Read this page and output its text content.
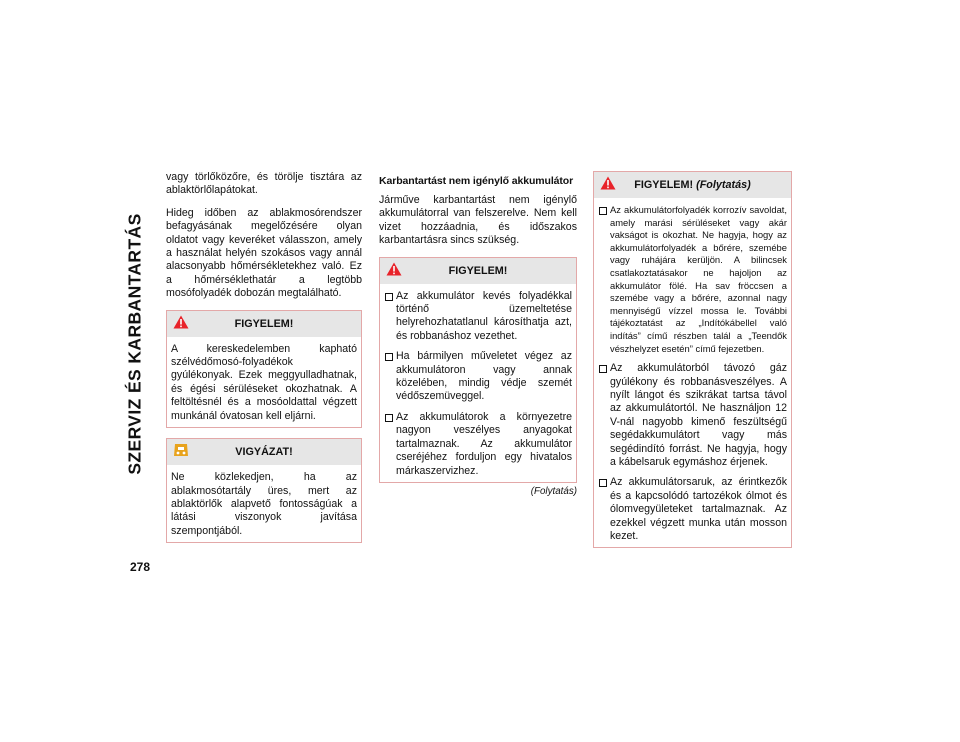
SZERVIZ ÉS KARBANTARTÁS
278

vagy törlőközőre, és törölje tisztára az ablaktörlőlapátokat.

Hideg időben az ablakmosórendszer befagyásának megelőzésére olyan oldatot vagy keveréket válasszon, amely a használat helyén szokásos vagy annál alacsonyabb hőmérsékletekhez való. Ez a hőmérséklethatár a legtöbb mosófolyadék dobozán megtalálható.

FIGYELEM!

A kereskedelemben kapható szélvédőmosó-folyadékok gyúlékonyak. Ezek meggyulladhatnak, és égési sérüléseket okozhatnak. A feltöltésnél és a mosóoldattal végzett munkánál óvatosan kell eljárni.

VIGYÁZAT!

Ne közlekedjen, ha az ablakmosótartály üres, mert az ablaktörlők alapvető fontosságúak a látási viszonyok javítása szempontjából.

Karbantartást nem igénylő akkumulátor

Járműve karbantartást nem igénylő akkumulátorral van felszerelve. Nem kell vizet hozzáadnia, és időszakos karbantartásra sincs szükség.

FIGYELEM!
Az akkumulátor kevés folyadékkal történő üzemeltetése helyrehozhatatlanul károsíthatja azt, és robbanáshoz vezethet.
Ha bármilyen műveletet végez az akkumulátoron vagy annak közelében, mindig védje szemét védőszemüveggel.
Az akkumulátorok a környezetre nagyon veszélyes anyagokat tartalmaznak. Az akkumulátor cseréjéhez forduljon egy hivatalos márkaszervizhez.
(Folytatás)
FIGYELEM! (Folytatás)
Az akkumulátorfolyadék korrozív savoldat, amely marási sérüléseket vagy akár vakságot is okozhat. Ne hagyja, hogy az akkumulátorfolyadék a bőrére, szemébe vagy ruhájára kerüljön. A bilincsek csatlakoztatásakor ne hajoljon az akkumulátor fölé. Ha sav fröccsen a szemébe vagy a bőrére, azonnal nagy mennyiségű vízzel mossa le. További tájékoztatást az „Indítókábellel való indítás” című részben talál a „Teendők vészhelyzet esetén” című fejezetben.
Az akkumulátorból távozó gáz gyúlékony és robbanásveszélyes. A nyílt lángot és szikrákat tartsa távol az akkumulátortól. Ne használjon 12 V-nál nagyobb kimenő feszültségű segédakkumulátort vagy más segédindító forrást. Ne hagyja, hogy a kábelsaruk egymáshoz érjenek.
Az akkumulátorsaruk, az érintkezők és a kapcsolódó tartozékok ólmot és ólomvegyületeket tartalmaznak. Az ezekkel végzett munka után mosson kezet.
